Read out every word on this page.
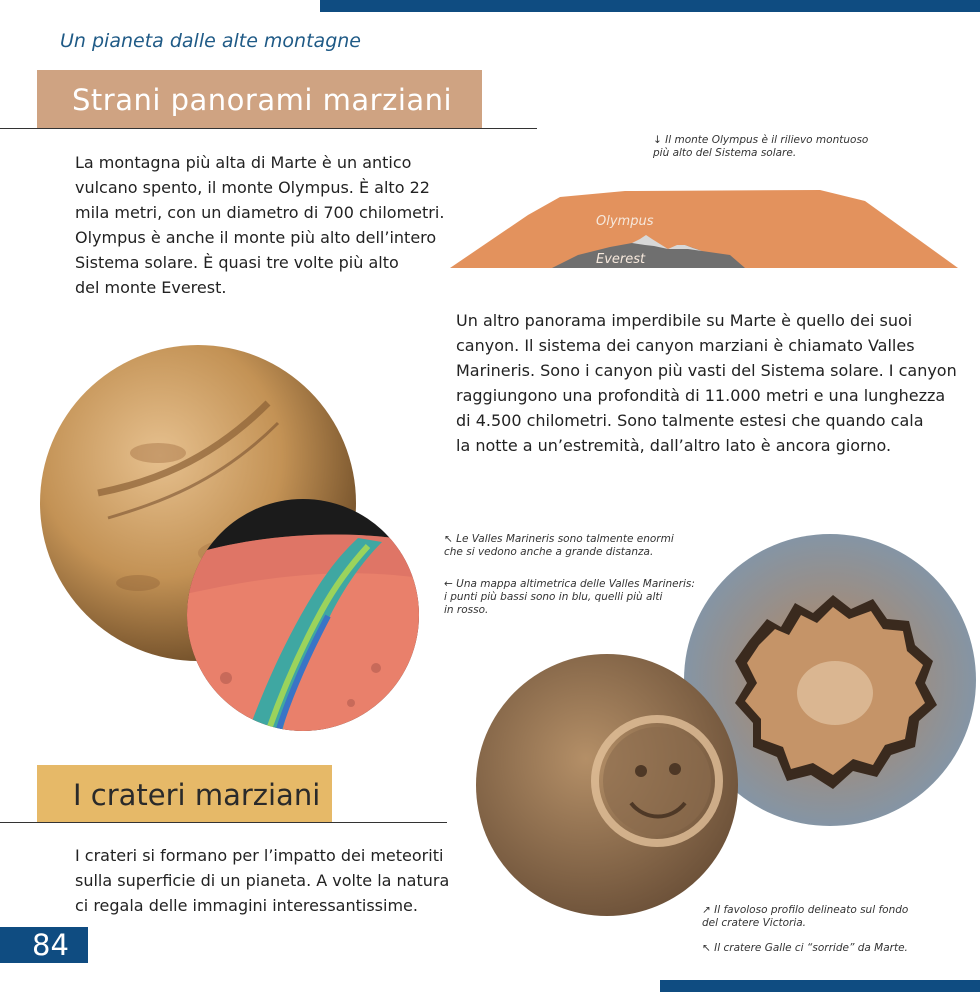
Un pianeta dalle alte montagne
Strani panorami marziani
La montagna più alta di Marte è un antico
vulcano spento, il monte Olympus. È alto 22
mila metri, con un diametro di 700 chilometri.
Olympus è anche il monte più alto dell’intero
Sistema solare. È quasi tre volte più alto
del monte Everest.
↓ Il monte Olympus è il rilievo montuoso
più alto del Sistema solare.
Olympus
Everest
Un altro panorama imperdibile su Marte è quello dei suoi
canyon. Il sistema dei canyon marziani è chiamato Valles
Marineris. Sono i canyon più vasti del Sistema solare. I canyon
raggiungono una profondità di 11.000 metri e una lunghezza
di 4.500 chilometri. Sono talmente estesi che quando cala
la notte a un’estremità, dall’altro lato è ancora giorno.
↖ Le Valles Marineris sono talmente enormi
che si vedono anche a grande distanza.
← Una mappa altimetrica delle Valles Marineris:
i punti più bassi sono in blu, quelli più alti
in rosso.
I crateri marziani
I crateri si formano per l’impatto dei meteoriti
sulla superficie di un pianeta. A volte la natura
ci regala delle immagini interessantissime.	↗ Il favoloso profilo delineato sul fondo
del cratere Victoria.
↖ Il cratere Galle ci “sorride” da Marte.
84
